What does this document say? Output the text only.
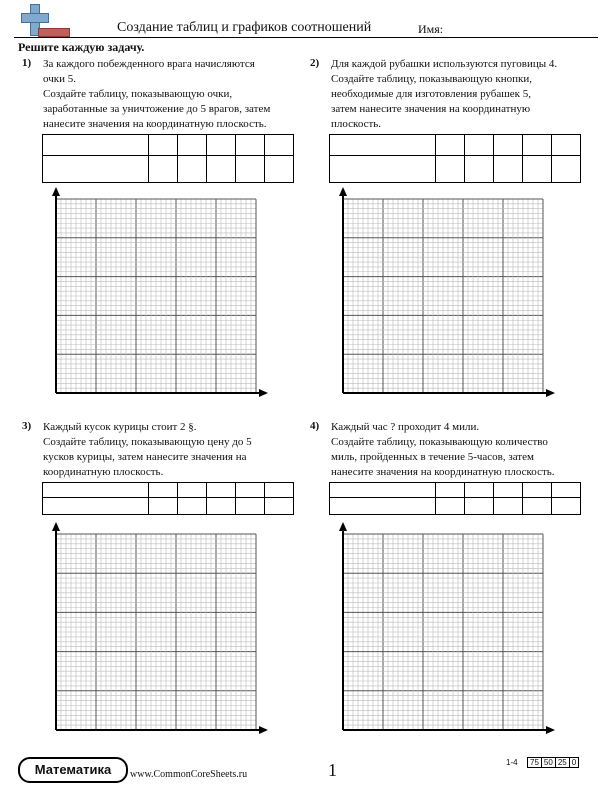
Создание таблиц и графиков соотношений	Имя:
Решите каждую задачу.
1) За каждого побежденного врага начисляются
очки 5.
Создайте таблицу, показывающую очки,
заработанные за уничтожение до 5 врагов, затем
нанесите значения на координатную плоскость.

2) Для каждой рубашки используются пуговицы 4.
Создайте таблицу, показывающую кнопки,
необходимые для изготовления рубашек 5,
затем нанесите значения на координатную
плоскость.

3) Каждый кусок курицы стоит 2 §.
Создайте таблицу, показывающую цену до 5
кусков курицы, затем нанесите значения на
координатную плоскость.

4) Каждый час ? проходит 4 мили.
Создайте таблицу, показывающую количество
миль, пройденных в течение 5-часов, затем
нанесите значения на координатную плоскость.

Математика	www.CommonCoreSheets.ru	1	1-4 75	50	25	0
